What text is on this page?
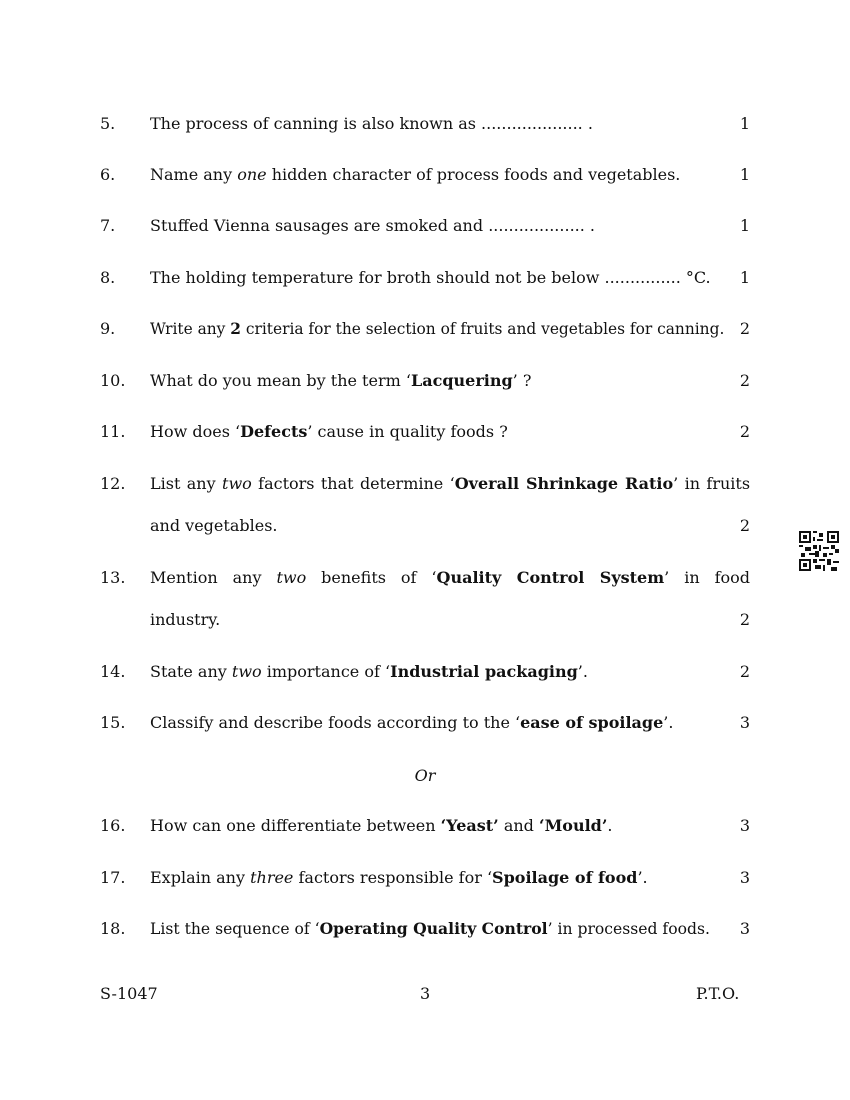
5. The process of canning is also known as .................... .	1
6. Name any one hidden character of process foods and vegetables.	1
7. Stuffed Vienna sausages are smoked and ................... .	1
8. The holding temperature for broth should not be below ............... °C.	1
9. Write any 2 criteria for the selection of fruits and vegetables for canning. 2
10. What do you mean by the term ‘Lacquering’ ?	2
11. How does ‘Defects’ cause in quality foods ?	2
12. List any two factors that determine ‘Overall Shrinkage Ratio’ in fruits
and vegetables.	2
13. Mention any two benefits of ‘Quality Control System’ in food
industry.	2
14. State any two importance of ‘Industrial packaging’.	2
15. Classify and describe foods according to the ‘ease of spoilage’.	3
Or
16. How can one differentiate between ‘Yeast’ and ‘Mould’.	3
17. Explain any three factors responsible for ‘Spoilage of food’.	3
18. List the sequence of ‘Operating Quality Control’ in processed foods.	3
S-1047	3	P.T.O.
